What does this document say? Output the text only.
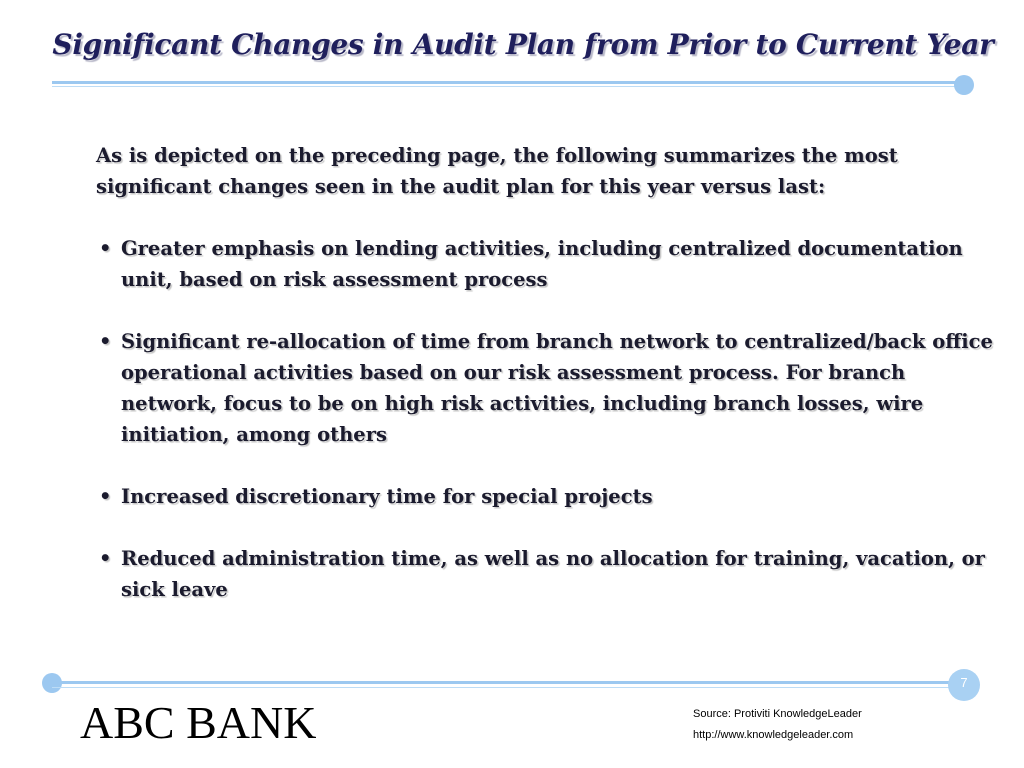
Significant Changes in Audit Plan from Prior to Current Year

As is depicted on the preceding page, the following summarizes the most significant changes seen in the audit plan for this year versus last:

• Greater emphasis on lending activities, including centralized documentation unit, based on risk assessment process
• Significant re-allocation of time from branch network to centralized/back office operational activities based on our risk assessment process. For branch network, focus to be on high risk activities, including branch losses, wire initiation, among others
• Increased discretionary time for special projects
• Reduced administration time, as well as no allocation for training, vacation, or sick leave
7
ABC BANK	Source: Protiviti KnowledgeLeader
http://www.knowledgeleader.com
